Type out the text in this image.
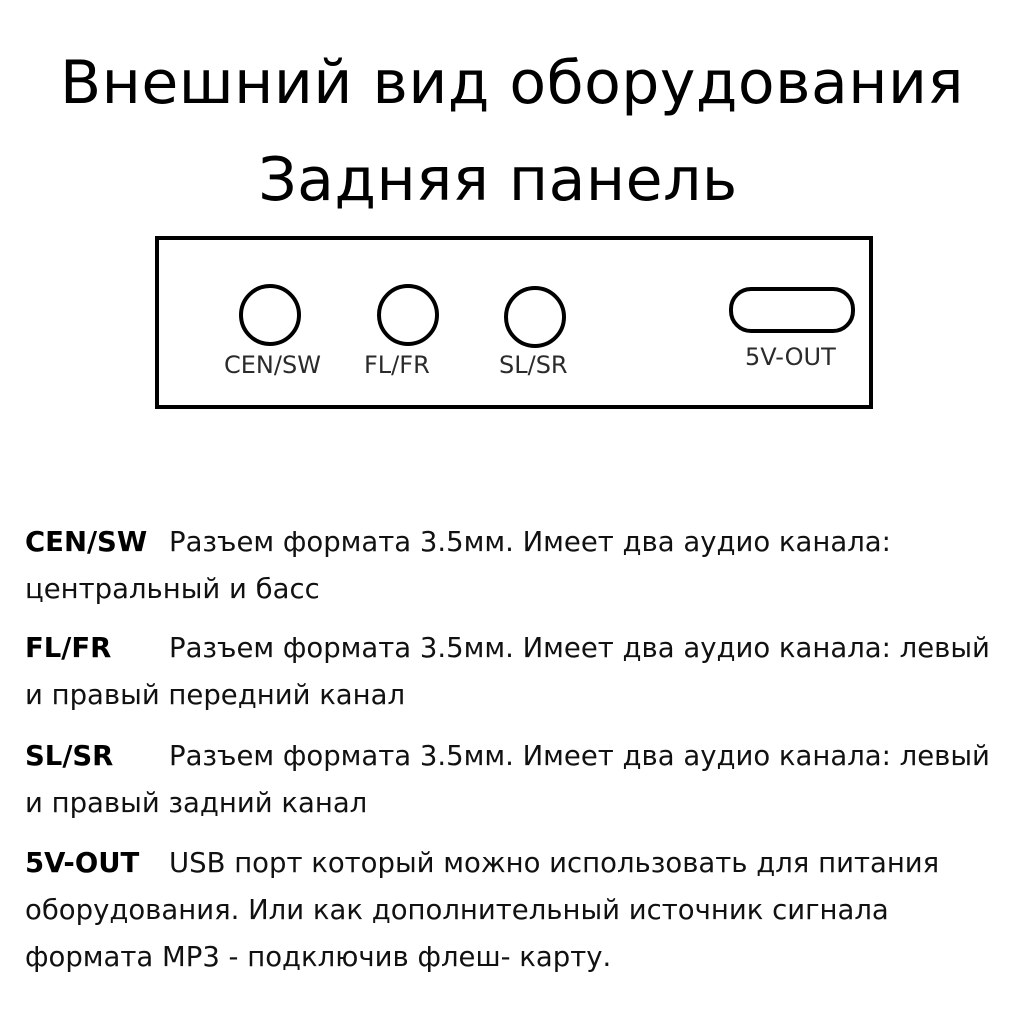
Внешний вид оборудования
Задняя панель
CEN/SW FL/FR	SL/SR	5V-OUT

CEN/SW Разъем формата 3.5мм. Имеет два аудио канала: центральный и басс

FL/FR Разъем формата 3.5мм. Имеет два аудио канала: левый и правый передний канал

SL/SR Разъем формата 3.5мм. Имеет два аудио канала: левый и правый задний канал

5V-OUT USB порт который можно использовать для питания оборудования. Или как дополнительный источник сигнала формата MP3 - подключив флеш- карту.
